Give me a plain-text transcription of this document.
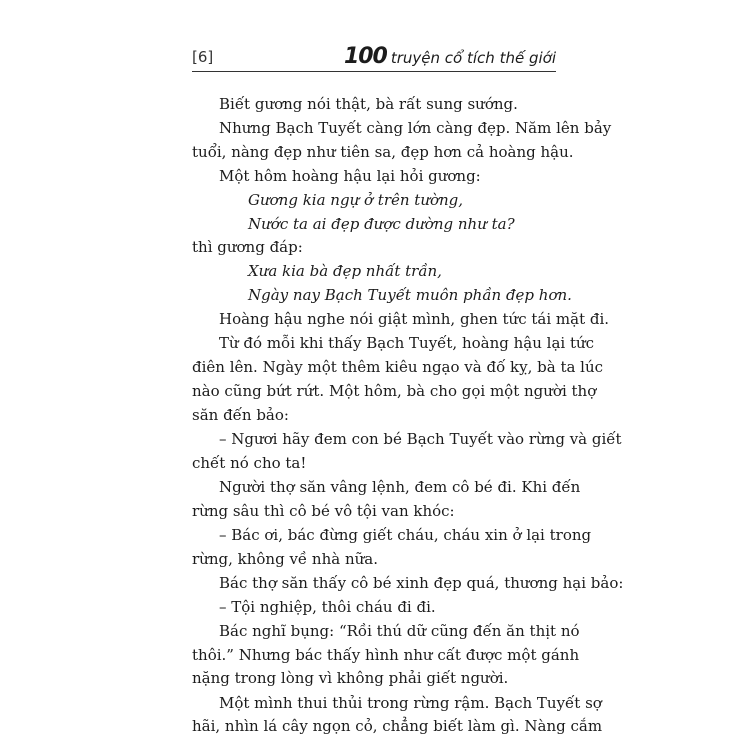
[6]	100 truyện cổ tích thế giới

Biết gương nói thật, bà rất sung sướng.

Nhưng Bạch Tuyết càng lớn càng đẹp. Năm lên bảy

tuổi, nàng đẹp như tiên sa, đẹp hơn cả hoàng hậu.

Một hôm hoàng hậu lại hỏi gương:

Gương kia ngự ở trên tường,

Nước ta ai đẹp được dường như ta?

thì gương đáp:

Xưa kia bà đẹp nhất trần,

Ngày nay Bạch Tuyết muôn phần đẹp hơn.

Hoàng hậu nghe nói giật mình, ghen tức tái mặt đi.

Từ đó mỗi khi thấy Bạch Tuyết, hoàng hậu lại tức

điên lên. Ngày một thêm kiêu ngạo và đố kỵ, bà ta lúc

nào cũng bứt rứt. Một hôm, bà cho gọi một người thợ

săn đến bảo:

– Ngươi hãy đem con bé Bạch Tuyết vào rừng và giết

chết nó cho ta!

Người thợ săn vâng lệnh, đem cô bé đi. Khi đến

rừng sâu thì cô bé vô tội van khóc:

– Bác ơi, bác đừng giết cháu, cháu xin ở lại trong

rừng, không về nhà nữa.

Bác thợ săn thấy cô bé xinh đẹp quá, thương hại bảo:

– Tội nghiệp, thôi cháu đi đi.

Bác nghĩ bụng: “Rồi thú dữ cũng đến ăn thịt nó

thôi.” Nhưng bác thấy hình như cất được một gánh

nặng trong lòng vì không phải giết người.

Một mình thui thủi trong rừng rậm. Bạch Tuyết sợ

hãi, nhìn lá cây ngọn cỏ, chẳng biết làm gì. Nàng cắm
